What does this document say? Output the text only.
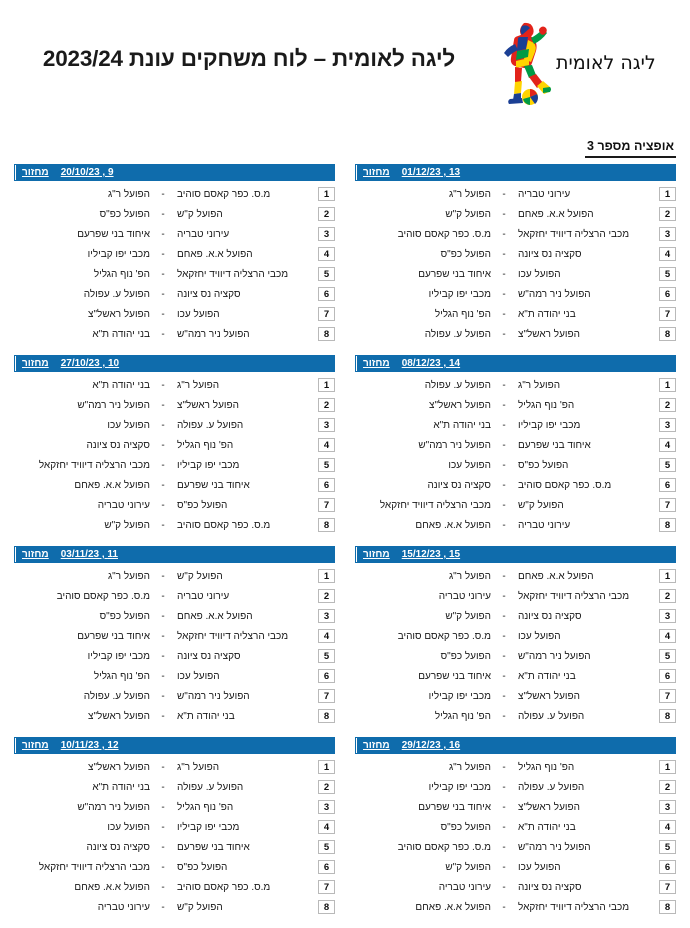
ליגה לאומית
ליגה לאומית – לוח משחקים עונת 2023/24
אופציה מספר 3
13 , 01/12/23
מחזור
1
עירוני טבריה
-
הפועל ר"ג
2
הפועל א.א. פאחם
-
הפועל ק"ש
3
מכבי הרצליה דיוויד יחזקאל
-
מ.ס. כפר קאסם סוהיב
4
סקציה נס ציונה
-
הפועל כפ"ס
5
הפועל עכו
-
איחוד בני שפרעם
6
הפועל ניר רמה"ש
-
מכבי יפו קביליו
7
בני יהודה ת"א
-
הפ' נוף הגליל
8
הפועל ראשל"צ
-
הפועל ע. עפולה
9 , 20/10/23
מחזור
1
מ.ס. כפר קאסם סוהיב
-
הפועל ר"ג
2
הפועל ק"ש
-
הפועל כפ"ס
3
עירוני טבריה
-
איחוד בני שפרעם
4
הפועל א.א. פאחם
-
מכבי יפו קביליו
5
מכבי הרצליה דיוויד יחזקאל
-
הפ' נוף הגליל
6
סקציה נס ציונה
-
הפועל ע. עפולה
7
הפועל עכו
-
הפועל ראשל"צ
8
הפועל ניר רמה"ש
-
בני יהודה ת"א
14 , 08/12/23
מחזור
1
הפועל ר"ג
-
הפועל ע. עפולה
2
הפ' נוף הגליל
-
הפועל ראשל"צ
3
מכבי יפו קביליו
-
בני יהודה ת"א
4
איחוד בני שפרעם
-
הפועל ניר רמה"ש
5
הפועל כפ"ס
-
הפועל עכו
6
מ.ס. כפר קאסם סוהיב
-
סקציה נס ציונה
7
הפועל ק"ש
-
מכבי הרצליה דיוויד יחזקאל
8
עירוני טבריה
-
הפועל א.א. פאחם
10 , 27/10/23
מחזור
1
הפועל ר"ג
-
בני יהודה ת"א
2
הפועל ראשל"צ
-
הפועל ניר רמה"ש
3
הפועל ע. עפולה
-
הפועל עכו
4
הפ' נוף הגליל
-
סקציה נס ציונה
5
מכבי יפו קביליו
-
מכבי הרצליה דיוויד יחזקאל
6
איחוד בני שפרעם
-
הפועל א.א. פאחם
7
הפועל כפ"ס
-
עירוני טבריה
8
מ.ס. כפר קאסם סוהיב
-
הפועל ק"ש
15 , 15/12/23
מחזור
1
הפועל א.א. פאחם
-
הפועל ר"ג
2
מכבי הרצליה דיוויד יחזקאל
-
עירוני טבריה
3
סקציה נס ציונה
-
הפועל ק"ש
4
הפועל עכו
-
מ.ס. כפר קאסם סוהיב
5
הפועל ניר רמה"ש
-
הפועל כפ"ס
6
בני יהודה ת"א
-
איחוד בני שפרעם
7
הפועל ראשל"צ
-
מכבי יפו קביליו
8
הפועל ע. עפולה
-
הפ' נוף הגליל
11 , 03/11/23
מחזור
1
הפועל ק"ש
-
הפועל ר"ג
2
עירוני טבריה
-
מ.ס. כפר קאסם סוהיב
3
הפועל א.א. פאחם
-
הפועל כפ"ס
4
מכבי הרצליה דיוויד יחזקאל
-
איחוד בני שפרעם
5
סקציה נס ציונה
-
מכבי יפו קביליו
6
הפועל עכו
-
הפ' נוף הגליל
7
הפועל ניר רמה"ש
-
הפועל ע. עפולה
8
בני יהודה ת"א
-
הפועל ראשל"צ
16 , 29/12/23
מחזור
1
הפ' נוף הגליל
-
הפועל ר"ג
2
הפועל ע. עפולה
-
מכבי יפו קביליו
3
הפועל ראשל"צ
-
איחוד בני שפרעם
4
בני יהודה ת"א
-
הפועל כפ"ס
5
הפועל ניר רמה"ש
-
מ.ס. כפר קאסם סוהיב
6
הפועל עכו
-
הפועל ק"ש
7
סקציה נס ציונה
-
עירוני טבריה
8
מכבי הרצליה דיוויד יחזקאל
-
הפועל א.א. פאחם
12 , 10/11/23
מחזור
1
הפועל ר"ג
-
הפועל ראשל"צ
2
הפועל ע. עפולה
-
בני יהודה ת"א
3
הפ' נוף הגליל
-
הפועל ניר רמה"ש
4
מכבי יפו קביליו
-
הפועל עכו
5
איחוד בני שפרעם
-
סקציה נס ציונה
6
הפועל כפ"ס
-
מכבי הרצליה דיוויד יחזקאל
7
מ.ס. כפר קאסם סוהיב
-
הפועל א.א. פאחם
8
הפועל ק"ש
-
עירוני טבריה
